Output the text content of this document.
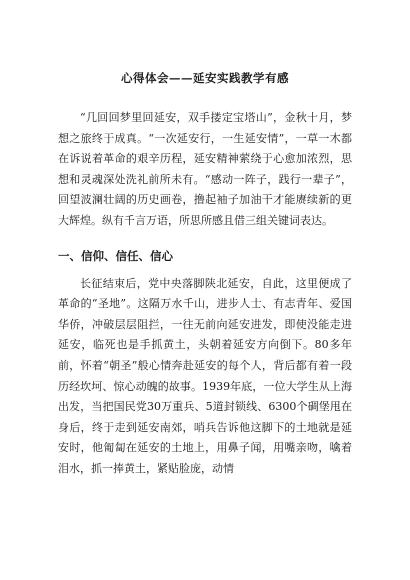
心得体会——延安实践教学有感

“几回回梦里回延安，双手搂定宝塔山”，金秋十月，梦想之旅终于成真。“一次延安行，一生延安情”，一草一木都在诉说着革命的艰辛历程，延安精神萦绕于心愈加浓烈，思想和灵魂深处洗礼前所未有。“感动一阵子，践行一辈子”，回望波澜壮阔的历史画卷，撸起袖子加油干才能赓续新的更大辉煌。纵有千言万语，所思所感且借三组关键词表达。

一、信仰、信任、信心

长征结束后，党中央落脚陕北延安，自此，这里便成了革命的“圣地”。这隔万水千山，进步人士、有志青年、爱国华侨，冲破层层阻拦，一往无前向延安进发，即使没能走进延安，临死也是手抓黄土，头朝着延安方向倒下。80多年前，怀着“朝圣”般心情奔赴延安的每个人，背后都有着一段历经坎坷、惊心动魄的故事。1939年底，一位大学生从上海出发，当把国民党30万重兵、5道封锁线、6300个碉堡甩在身后，终于走到延安南郊，哨兵告诉他这脚下的土地就是延安时，他匍匐在延安的土地上，用鼻子闻，用嘴亲吻，噙着泪水，抓一捧黄土，紧贴脸庞，动情
